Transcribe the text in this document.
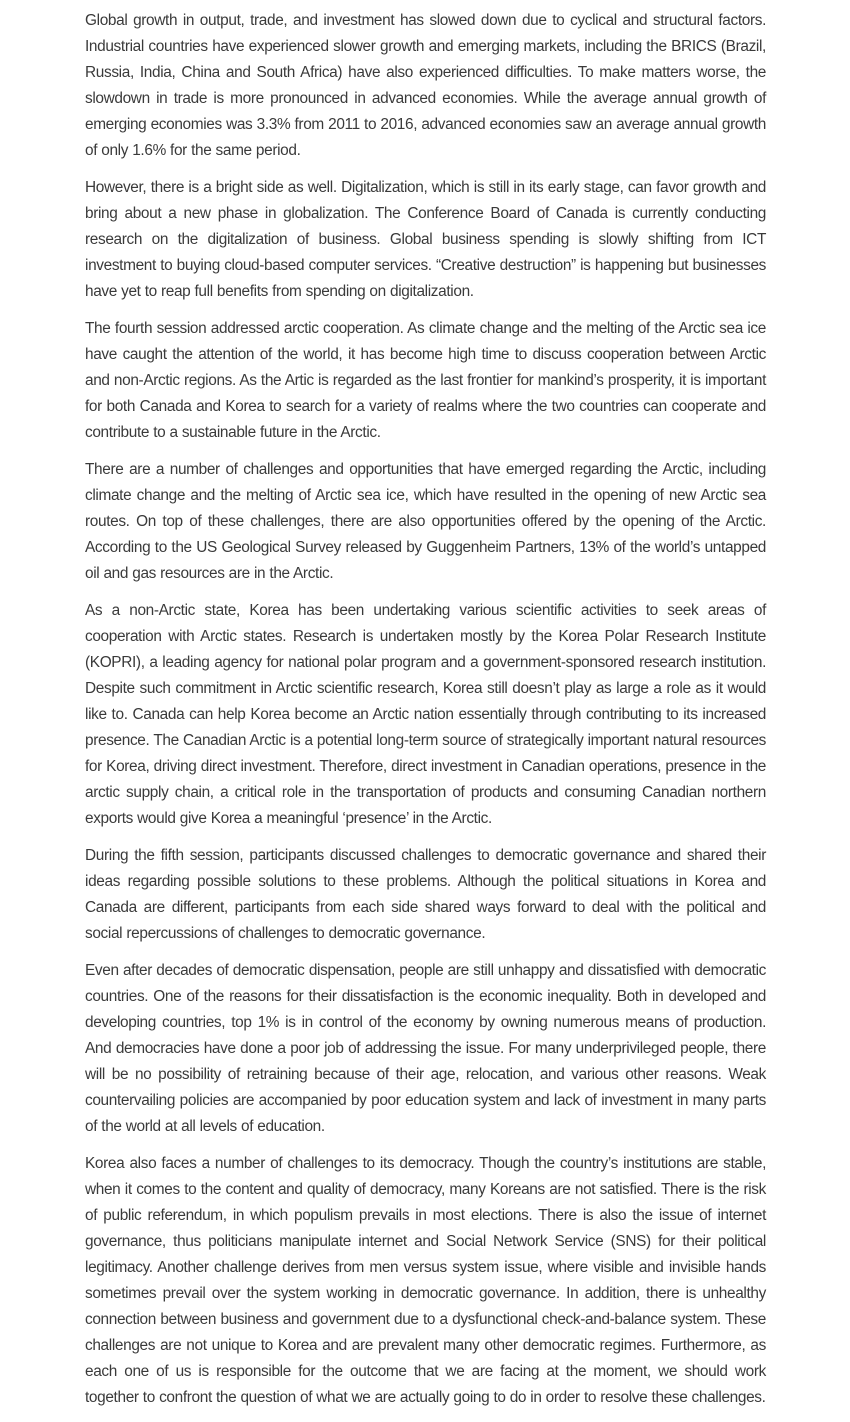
Global growth in output, trade, and investment has slowed down due to cyclical and structural factors. Industrial countries have experienced slower growth and emerging markets, including the BRICS (Brazil, Russia, India, China and South Africa) have also experienced difficulties. To make matters worse, the slowdown in trade is more pronounced in advanced economies. While the average annual growth of emerging economies was 3.3% from 2011 to 2016, advanced economies saw an average annual growth of only 1.6% for the same period.

However, there is a bright side as well. Digitalization, which is still in its early stage, can favor growth and bring about a new phase in globalization. The Conference Board of Canada is currently conducting research on the digitalization of business. Global business spending is slowly shifting from ICT investment to buying cloud-based computer services. “Creative destruction” is happening but businesses have yet to reap full benefits from spending on digitalization.

The fourth session addressed arctic cooperation. As climate change and the melting of the Arctic sea ice have caught the attention of the world, it has become high time to discuss cooperation between Arctic and non-Arctic regions. As the Artic is regarded as the last frontier for mankind’s prosperity, it is important for both Canada and Korea to search for a variety of realms where the two countries can cooperate and contribute to a sustainable future in the Arctic.

There are a number of challenges and opportunities that have emerged regarding the Arctic, including climate change and the melting of Arctic sea ice, which have resulted in the opening of new Arctic sea routes. On top of these challenges, there are also opportunities offered by the opening of the Arctic. According to the US Geological Survey released by Guggenheim Partners, 13% of the world’s untapped oil and gas resources are in the Arctic.

As a non-Arctic state, Korea has been undertaking various scientific activities to seek areas of cooperation with Arctic states. Research is undertaken mostly by the Korea Polar Research Institute (KOPRI), a leading agency for national polar program and a government-sponsored research institution. Despite such commitment in Arctic scientific research, Korea still doesn’t play as large a role as it would like to. Canada can help Korea become an Arctic nation essentially through contributing to its increased presence. The Canadian Arctic is a potential long-term source of strategically important natural resources for Korea, driving direct investment. Therefore, direct investment in Canadian operations, presence in the arctic supply chain, a critical role in the transportation of products and consuming Canadian northern exports would give Korea a meaningful ‘presence’ in the Arctic.

During the fifth session, participants discussed challenges to democratic governance and shared their ideas regarding possible solutions to these problems. Although the political situations in Korea and Canada are different, participants from each side shared ways forward to deal with the political and social repercussions of challenges to democratic governance.

Even after decades of democratic dispensation, people are still unhappy and dissatisfied with democratic countries. One of the reasons for their dissatisfaction is the economic inequality. Both in developed and developing countries, top 1% is in control of the economy by owning numerous means of production. And democracies have done a poor job of addressing the issue. For many underprivileged people, there will be no possibility of retraining because of their age, relocation, and various other reasons. Weak countervailing policies are accompanied by poor education system and lack of investment in many parts of the world at all levels of education.

Korea also faces a number of challenges to its democracy. Though the country’s institutions are stable, when it comes to the content and quality of democracy, many Koreans are not satisfied. There is the risk of public referendum, in which populism prevails in most elections. There is also the issue of internet governance, thus politicians manipulate internet and Social Network Service (SNS) for their political legitimacy. Another challenge derives from men versus system issue, where visible and invisible hands sometimes prevail over the system working in democratic governance. In addition, there is unhealthy connection between business and government due to a dysfunctional check-and-balance system. These challenges are not unique to Korea and are prevalent many other democratic regimes. Furthermore, as each one of us is responsible for the outcome that we are facing at the moment, we should work together to confront the question of what we are actually going to do in order to resolve these challenges.
